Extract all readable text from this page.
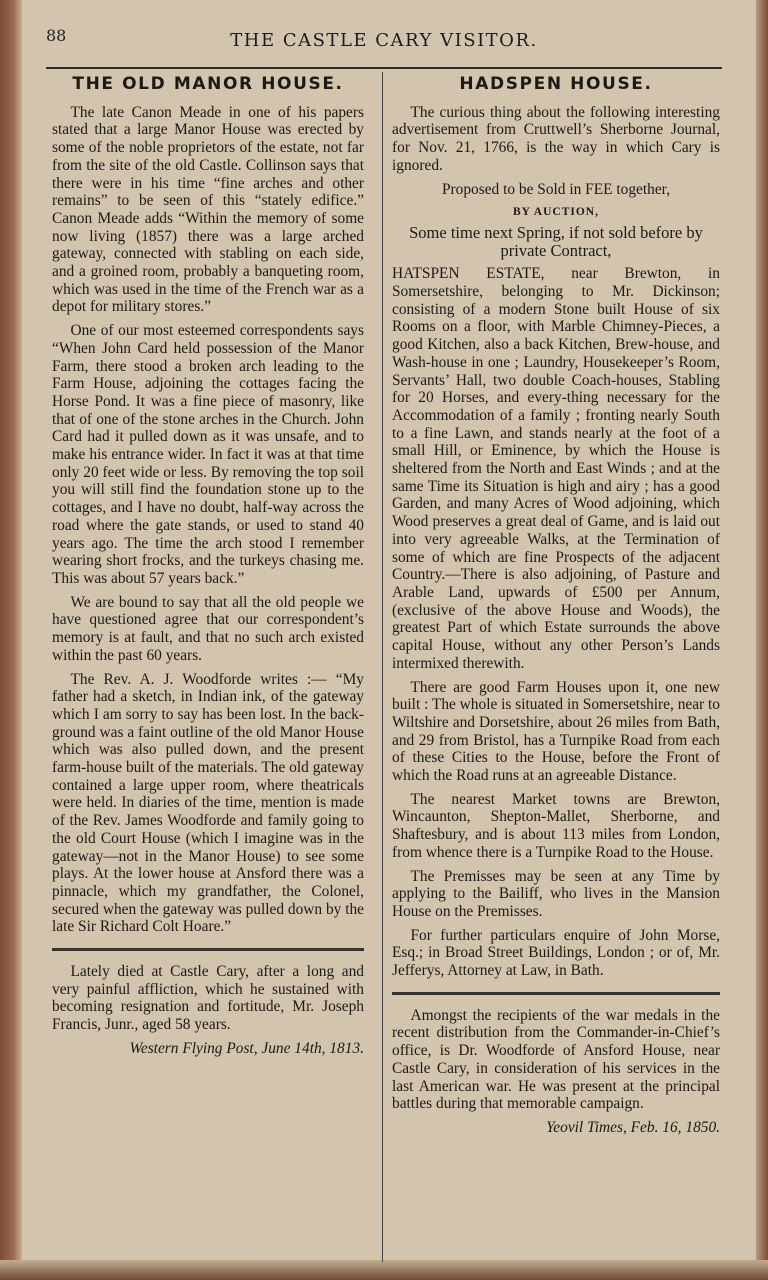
88	THE CASTLE CARY VISITOR.
THE OLD MANOR HOUSE.

The late Canon Meade in one of his papers stated that a large Manor House was erected by some of the noble proprietors of the estate, not far from the site of the old Castle. Collinson says that there were in his time “fine arches and other remains” to be seen of this “stately edifice.” Canon Meade adds “Within the memory of some now living (1857) there was a large arched gateway, connected with stabling on each side, and a groined room, probably a banqueting room, which was used in the time of the French war as a depot for military stores.”

One of our most esteemed correspondents says “When John Card held possession of the Manor Farm, there stood a broken arch leading to the Farm House, adjoining the cottages facing the Horse Pond. It was a fine piece of masonry, like that of one of the stone arches in the Church. John Card had it pulled down as it was unsafe, and to make his entrance wider. In fact it was at that time only 20 feet wide or less. By removing the top soil you will still find the foundation stone up to the cottages, and I have no doubt, half-way across the road where the gate stands, or used to stand 40 years ago. The time the arch stood I remember wearing short frocks, and the turkeys chasing me. This was about 57 years back.”

We are bound to say that all the old people we have questioned agree that our correspondent’s memory is at fault, and that no such arch existed within the past 60 years.

The Rev. A. J. Woodforde writes :— “My father had a sketch, in Indian ink, of the gateway which I am sorry to say has been lost. In the back-ground was a faint outline of the old Manor House which was also pulled down, and the present farm-house built of the materials. The old gateway contained a large upper room, where theatricals were held. In diaries of the time, mention is made of the Rev. James Woodforde and family going to the old Court House (which I imagine was in the gateway—not in the Manor House) to see some plays. At the lower house at Ansford there was a pinnacle, which my grandfather, the Colonel, secured when the gateway was pulled down by the late Sir Richard Colt Hoare.”

Lately died at Castle Cary, after a long and very painful affliction, which he sustained with becoming resignation and fortitude, Mr. Joseph Francis, Junr., aged 58 years.

Western Flying Post, June 14th, 1813.

HADSPEN HOUSE.

The curious thing about the following interesting advertisement from Cruttwell’s Sherborne Journal, for Nov. 21, 1766, is the way in which Cary is ignored.

Proposed to be Sold in FEE together,

BY AUCTION,

Some time next Spring, if not sold before by private Contract,

HATSPEN ESTATE, near Brewton, in Somersetshire, belonging to Mr. Dickinson; consisting of a modern Stone built House of six Rooms on a floor, with Marble Chimney-Pieces, a good Kitchen, also a back Kitchen, Brew-house, and Wash-house in one ; Laundry, Housekeeper’s Room, Servants’ Hall, two double Coach-houses, Stabling for 20 Horses, and every-thing necessary for the Accommodation of a family ; fronting nearly South to a fine Lawn, and stands nearly at the foot of a small Hill, or Eminence, by which the House is sheltered from the North and East Winds ; and at the same Time its Situation is high and airy ; has a good Garden, and many Acres of Wood adjoining, which Wood preserves a great deal of Game, and is laid out into very agreeable Walks, at the Termination of some of which are fine Prospects of the adjacent Country.—There is also adjoining, of Pasture and Arable Land, upwards of £500 per Annum, (exclusive of the above House and Woods), the greatest Part of which Estate surrounds the above capital House, without any other Person’s Lands intermixed therewith.

There are good Farm Houses upon it, one new built : The whole is situated in Somersetshire, near to Wiltshire and Dorsetshire, about 26 miles from Bath, and 29 from Bristol, has a Turnpike Road from each of these Cities to the House, before the Front of which the Road runs at an agreeable Distance.

The nearest Market towns are Brewton, Wincaunton, Shepton-Mallet, Sherborne, and Shaftesbury, and is about 113 miles from London, from whence there is a Turnpike Road to the House.

The Premisses may be seen at any Time by applying to the Bailiff, who lives in the Mansion House on the Premisses.

For further particulars enquire of John Morse, Esq.; in Broad Street Buildings, London ; or of, Mr. Jefferys, Attorney at Law, in Bath.

Amongst the recipients of the war medals in the recent distribution from the Commander-in-Chief’s office, is Dr. Woodforde of Ansford House, near Castle Cary, in consideration of his services in the last American war. He was present at the principal battles during that memorable campaign.

Yeovil Times, Feb. 16, 1850.
